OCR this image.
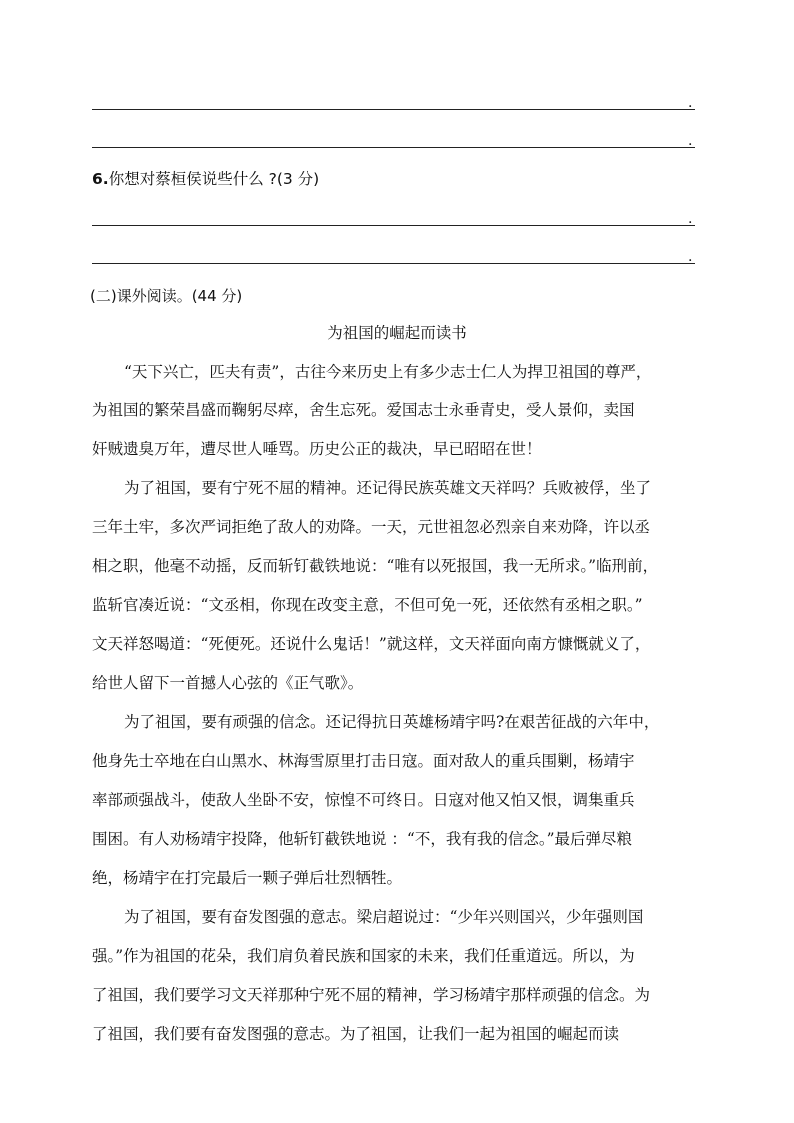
.
.
6.你想对蔡桓侯说些什么 ?(3 分)
.
.
(二)课外阅读。(44 分)
为祖国的崛起而读书
“天下兴亡，匹夫有责”，古往今来历史上有多少志士仁人为捍卫祖国的尊严，
为祖国的繁荣昌盛而鞠躬尽瘁，舍生忘死。爱国志士永垂青史，受人景仰，卖国
奸贼遗臭万年，遭尽世人唾骂。历史公正的裁决，早已昭昭在世！
为了祖国，要有宁死不屈的精神。还记得民族英雄文天祥吗？兵败被俘，坐了
三年土牢，多次严词拒绝了敌人的劝降。一天，元世祖忽必烈亲自来劝降，许以丞
相之职，他毫不动摇，反而斩钉截铁地说：“唯有以死报国，我一无所求。”临刑前，
监斩官凑近说：“文丞相，你现在改变主意，不但可免一死，还依然有丞相之职。”
文天祥怒喝道：“死便死。还说什么鬼话！”就这样，文天祥面向南方慷慨就义了，
给世人留下一首撼人心弦的《正气歌》。
为了祖国，要有顽强的信念。还记得抗日英雄杨靖宇吗?在艰苦征战的六年中，
他身先士卒地在白山黑水、林海雪原里打击日寇。面对敌人的重兵围剿，杨靖宇
率部顽强战斗，使敌人坐卧不安，惊惶不可终日。日寇对他又怕又恨，调集重兵
围困。有人劝杨靖宇投降，他斩钉截铁地说 ：“不，我有我的信念。”最后弹尽粮
绝，杨靖宇在打完最后一颗子弹后壮烈牺牲。
为了祖国，要有奋发图强的意志。梁启超说过：“少年兴则国兴，少年强则国
强。”作为祖国的花朵，我们肩负着民族和国家的未来，我们任重道远。所以，为
了祖国，我们要学习文天祥那种宁死不屈的精神，学习杨靖宇那样顽强的信念。为
了祖国，我们要有奋发图强的意志。为了祖国，让我们一起为祖国的崛起而读
